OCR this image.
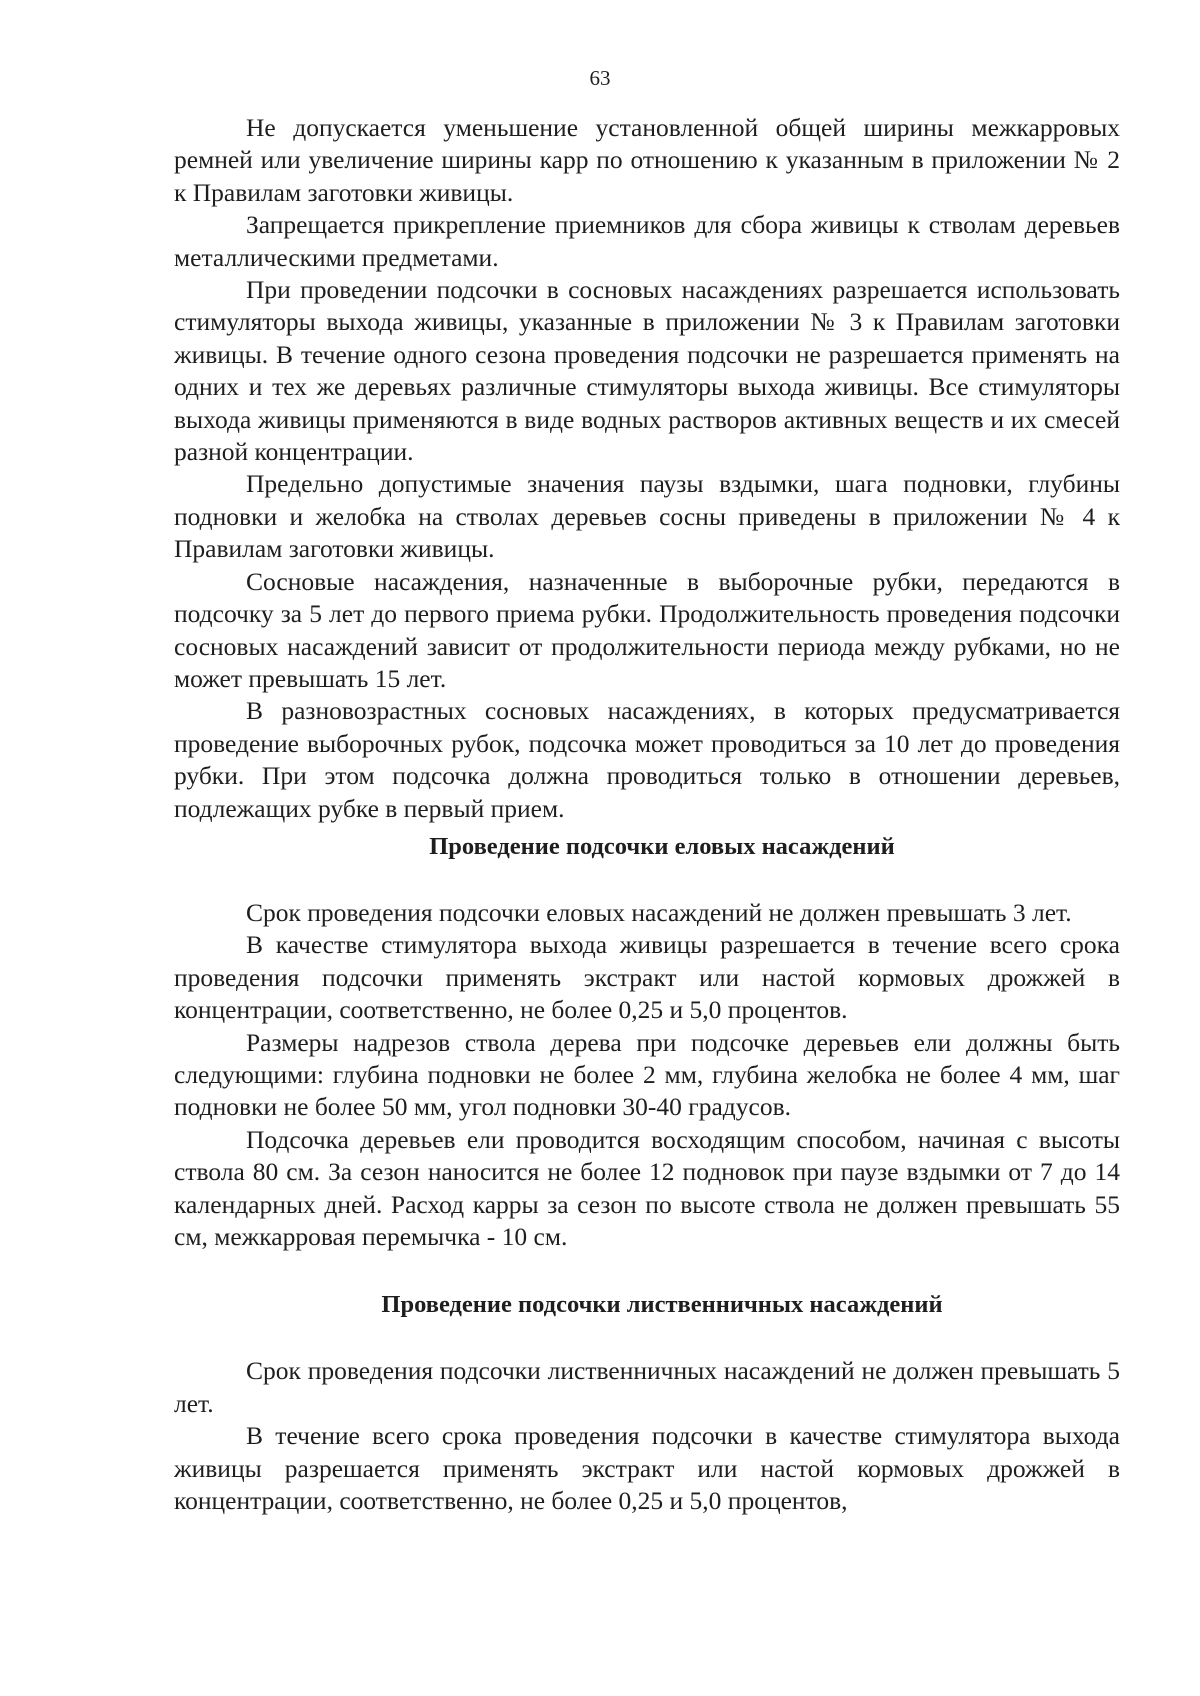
63

Не допускается уменьшение установленной общей ширины межкарровых ремней или увеличение ширины карр по отношению к указанным в приложении № 2 к Правилам заготовки живицы.

Запрещается прикрепление приемников для сбора живицы к стволам деревьев металлическими предметами.

При проведении подсочки в сосновых насаждениях разрешается использовать стимуляторы выхода живицы, указанные в приложении № 3 к Правилам заготовки живицы. В течение одного сезона проведения подсочки не разрешается применять на одних и тех же деревьях различные стимуляторы выхода живицы. Все стимуляторы выхода живицы применяются в виде водных растворов активных веществ и их смесей разной концентрации.

Предельно допустимые значения паузы вздымки, шага подновки, глубины подновки и желобка на стволах деревьев сосны приведены в приложении № 4 к Правилам заготовки живицы.

Сосновые насаждения, назначенные в выборочные рубки, передаются в подсочку за 5 лет до первого приема рубки. Продолжительность проведения подсочки сосновых насаждений зависит от продолжительности периода между рубками, но не может превышать 15 лет.

В разновозрастных сосновых насаждениях, в которых предусматривается проведение выборочных рубок, подсочка может проводиться за 10 лет до проведения рубки. При этом подсочка должна проводиться только в отношении деревьев, подлежащих рубке в первый прием.

Проведение подсочки еловых насаждений

Срок проведения подсочки еловых насаждений не должен превышать 3 лет.

В качестве стимулятора выхода живицы разрешается в течение всего срока проведения подсочки применять экстракт или настой кормовых дрожжей в концентрации, соответственно, не более 0,25 и 5,0 процентов.

Размеры надрезов ствола дерева при подсочке деревьев ели должны быть следующими: глубина подновки не более 2 мм, глубина желобка не более 4 мм, шаг подновки не более 50 мм, угол подновки 30-40 градусов.

Подсочка деревьев ели проводится восходящим способом, начиная с высоты ствола 80 см. За сезон наносится не более 12 подновок при паузе вздымки от 7 до 14 календарных дней. Расход карры за сезон по высоте ствола не должен превышать 55 см, межкарровая перемычка - 10 см.

Проведение подсочки лиственничных насаждений

Срок проведения подсочки лиственничных насаждений не должен превышать 5 лет.

В течение всего срока проведения подсочки в качестве стимулятора выхода живицы разрешается применять экстракт или настой кормовых дрожжей в концентрации, соответственно, не более 0,25 и 5,0 процентов,
